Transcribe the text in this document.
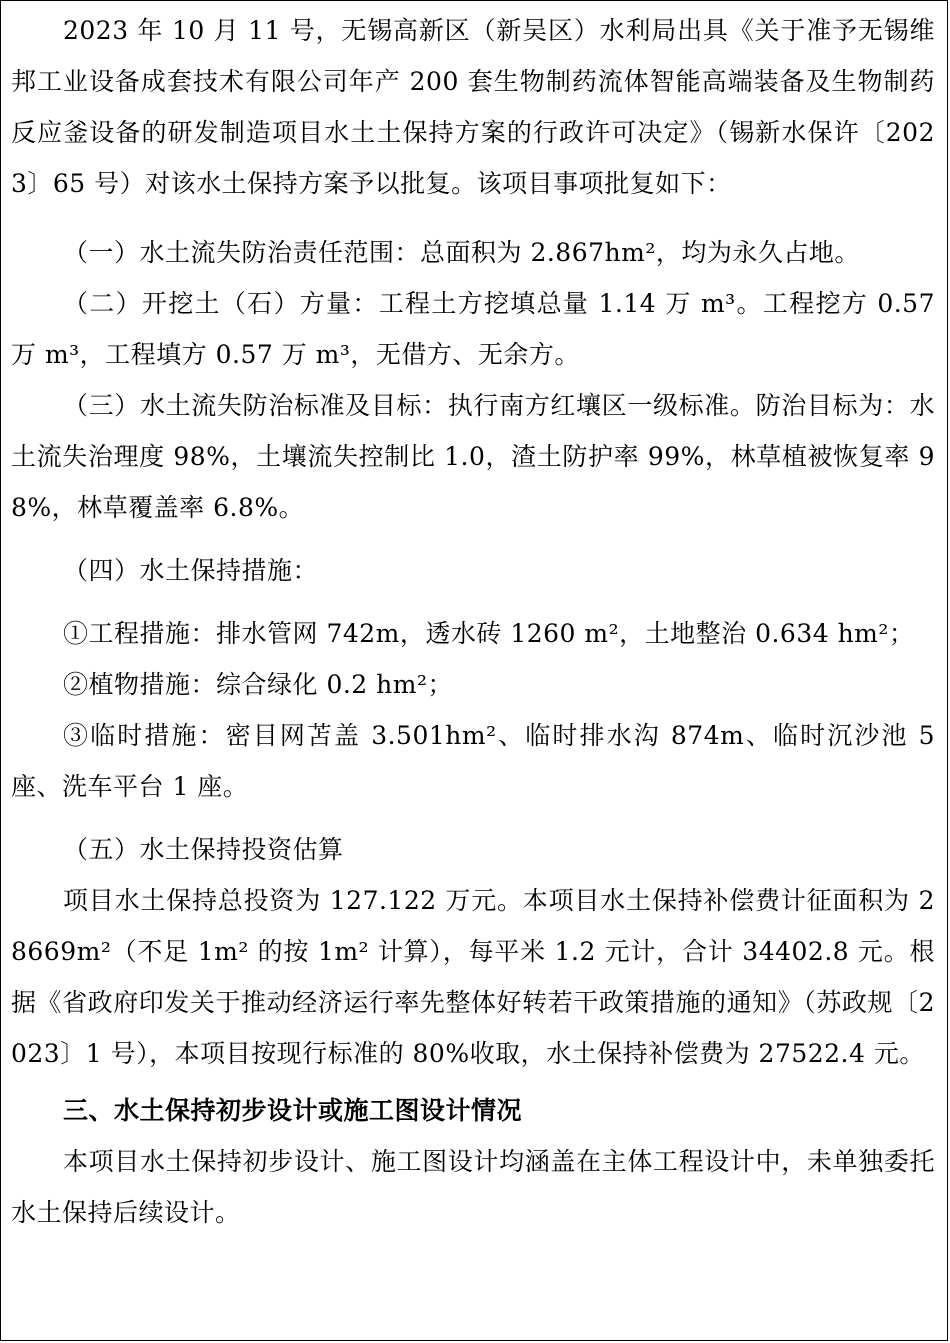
2023 年 10 月 11 号，无锡高新区（新吴区）水利局出具《关于准予无锡维邦工业设备成套技术有限公司年产 200 套生物制药流体智能高端装备及生物制药反应釜设备的研发制造项目水土土保持方案的行政许可决定》（锡新水保许〔2023〕65 号）对该水土保持方案予以批复。该项目事项批复如下：

（一）水土流失防治责任范围：总面积为 2.867hm²，均为永久占地。

（二）开挖土（石）方量：工程土方挖填总量 1.14 万 m³。工程挖方 0.57 万 m³，工程填方 0.57 万 m³，无借方、无余方。

（三）水土流失防治标准及目标：执行南方红壤区一级标准。防治目标为：水土流失治理度 98%，土壤流失控制比 1.0，渣土防护率 99%，林草植被恢复率 98%，林草覆盖率 6.8%。

（四）水土保持措施：

①工程措施：排水管网 742m，透水砖 1260 m²，土地整治 0.634 hm²；

②植物措施：综合绿化 0.2 hm²；

③临时措施：密目网苫盖 3.501hm²、临时排水沟 874m、临时沉沙池 5 座、洗车平台 1 座。

（五）水土保持投资估算

项目水土保持总投资为 127.122 万元。本项目水土保持补偿费计征面积为 28669m²（不足 1m² 的按 1m² 计算），每平米 1.2 元计，合计 34402.8 元。根据《省政府印发关于推动经济运行率先整体好转若干政策措施的通知》（苏政规〔2023〕1 号），本项目按现行标准的 80%收取，水土保持补偿费为 27522.4 元。

三、水土保持初步设计或施工图设计情况

本项目水土保持初步设计、施工图设计均涵盖在主体工程设计中，未单独委托水土保持后续设计。
